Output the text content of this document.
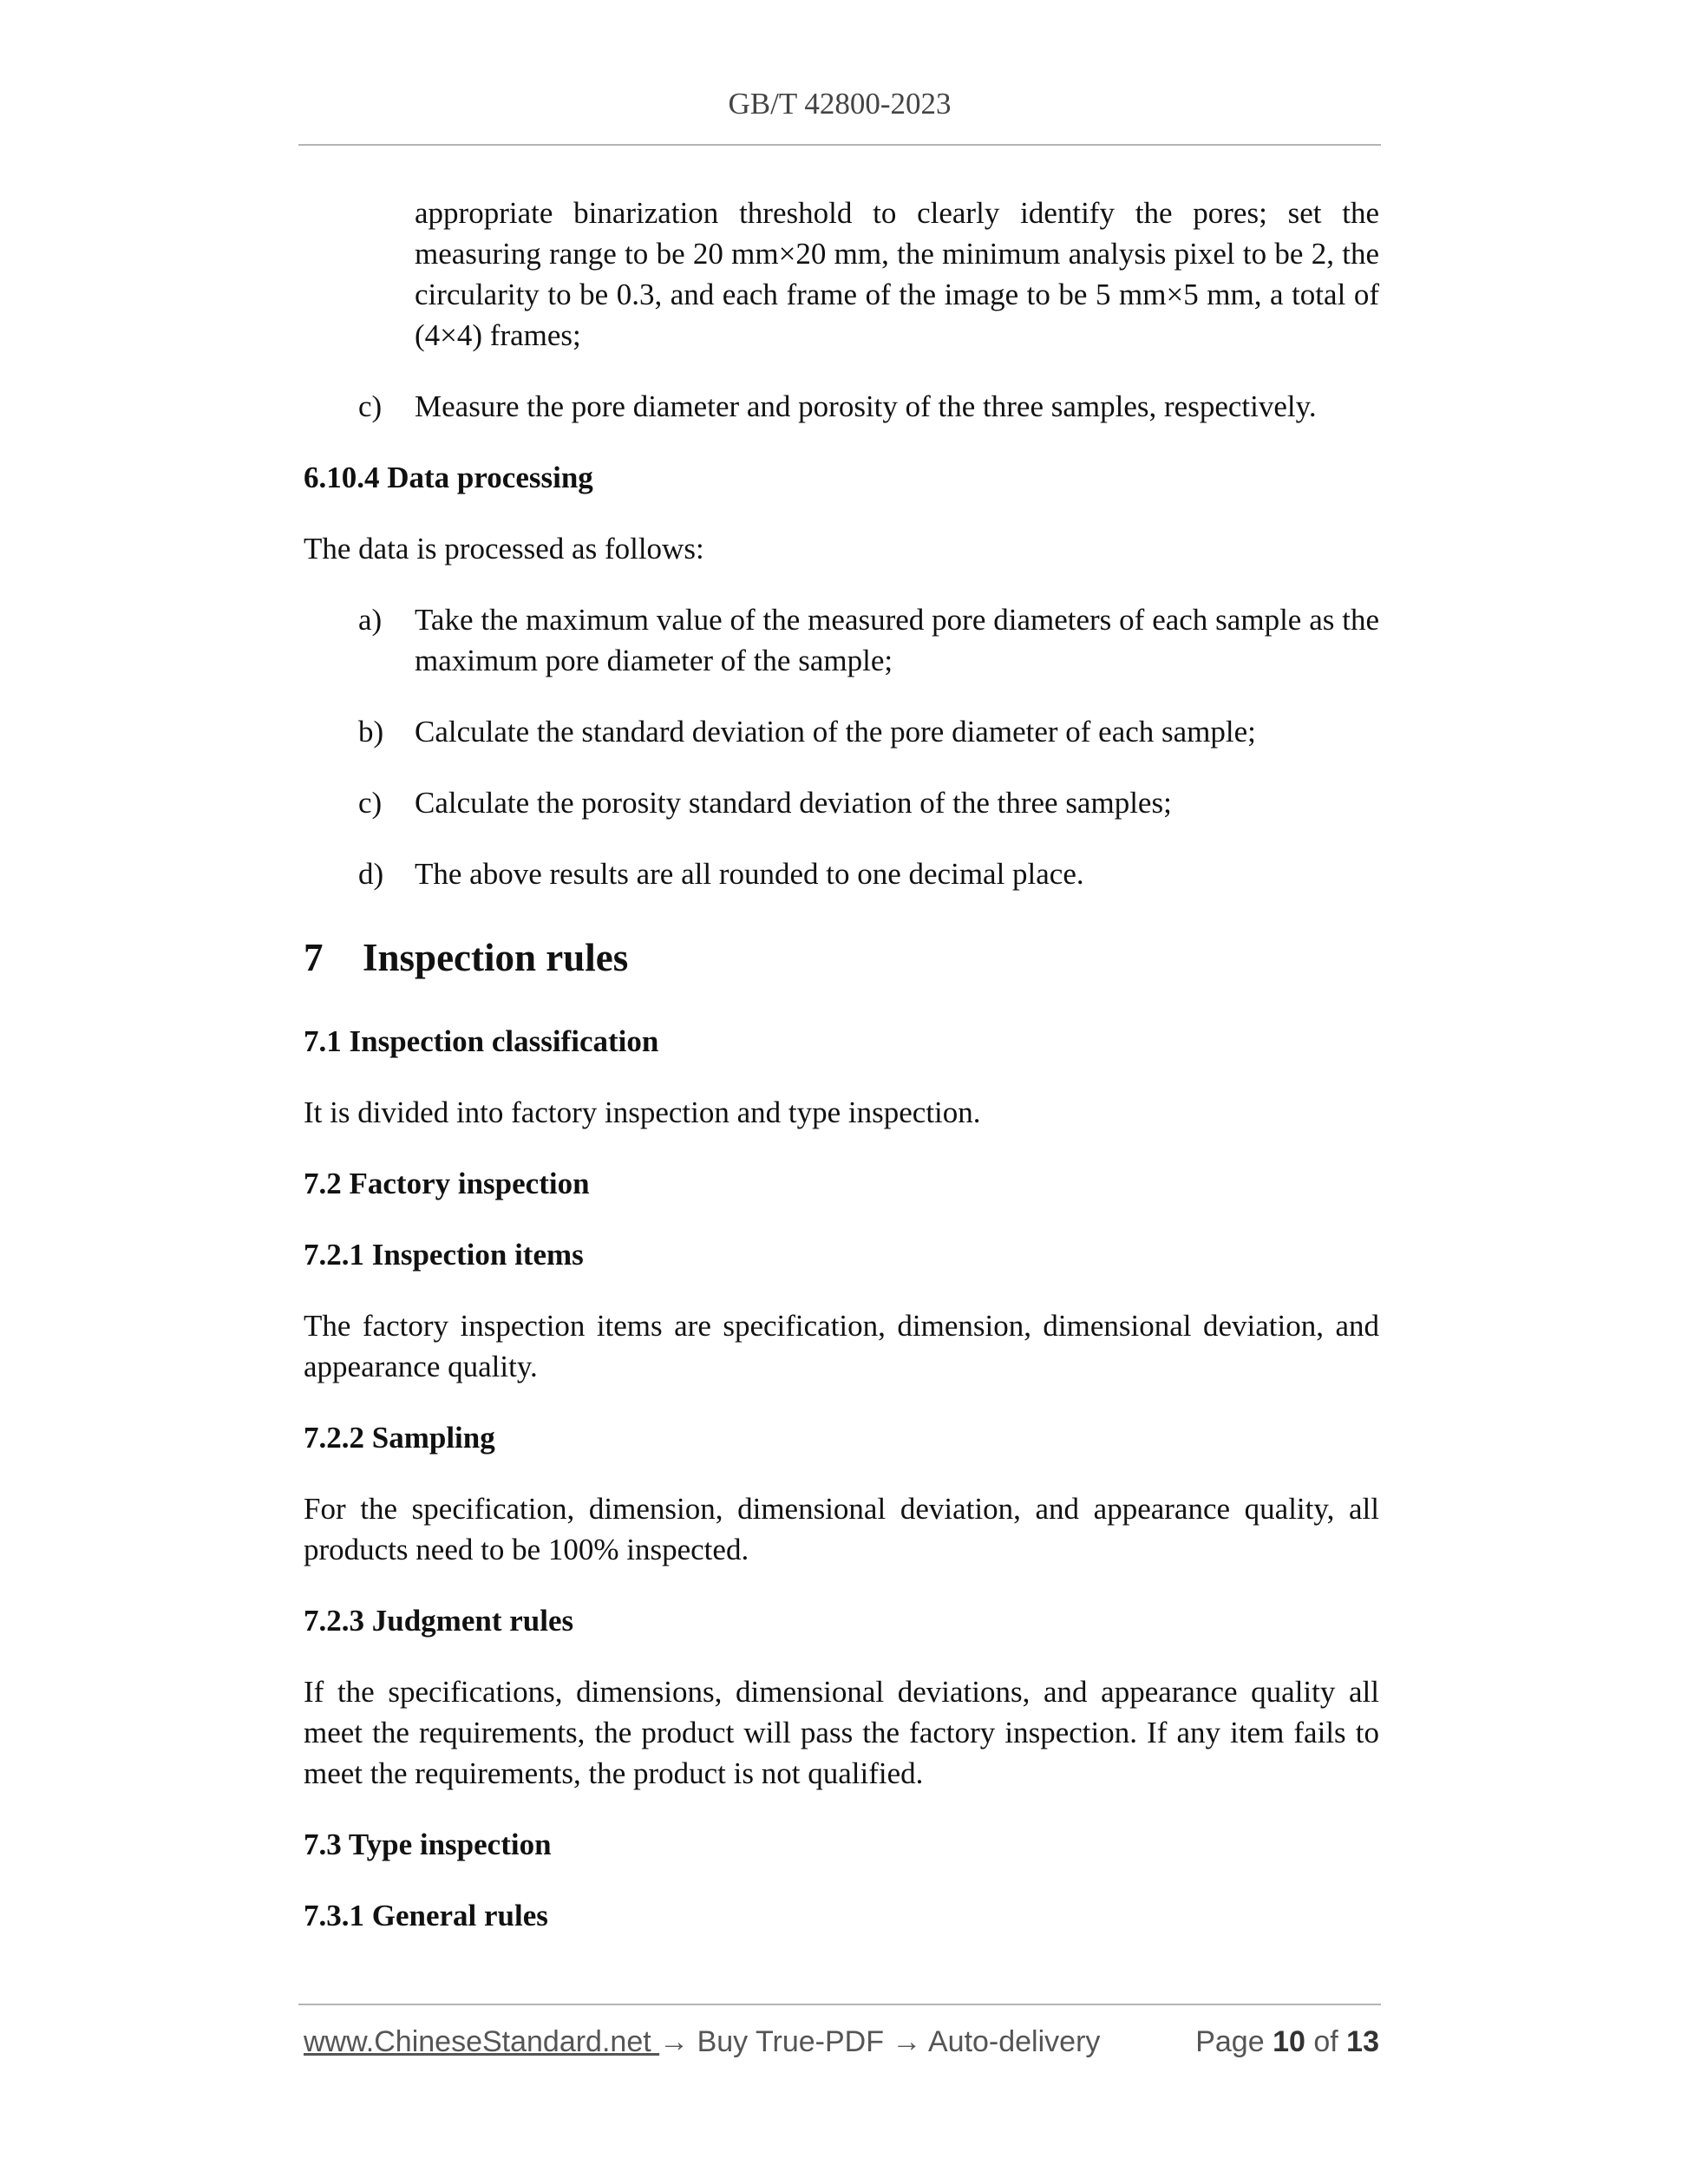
GB/T 42800-2023

appropriate binarization threshold to clearly identify the pores; set the measuring range to be 20 mm×20 mm, the minimum analysis pixel to be 2, the circularity to be 0.3, and each frame of the image to be 5 mm×5 mm, a total of (4×4) frames;

c) Measure the pore diameter and porosity of the three samples, respectively.

6.10.4 Data processing

The data is processed as follows:

a) Take the maximum value of the measured pore diameters of each sample as the maximum pore diameter of the sample;
b) Calculate the standard deviation of the pore diameter of each sample;
c) Calculate the porosity standard deviation of the three samples;
d) The above results are all rounded to one decimal place.

7 Inspection rules

7.1 Inspection classification

It is divided into factory inspection and type inspection.

7.2 Factory inspection

7.2.1 Inspection items

The factory inspection items are specification, dimension, dimensional deviation, and appearance quality.

7.2.2 Sampling

For the specification, dimension, dimensional deviation, and appearance quality, all products need to be 100% inspected.

7.2.3 Judgment rules

If the specifications, dimensions, dimensional deviations, and appearance quality all meet the requirements, the product will pass the factory inspection. If any item fails to meet the requirements, the product is not qualified.

7.3 Type inspection

7.3.1 General rules

www.ChineseStandard.net → Buy True-PDF → Auto-delivery	Page 10 of 13
